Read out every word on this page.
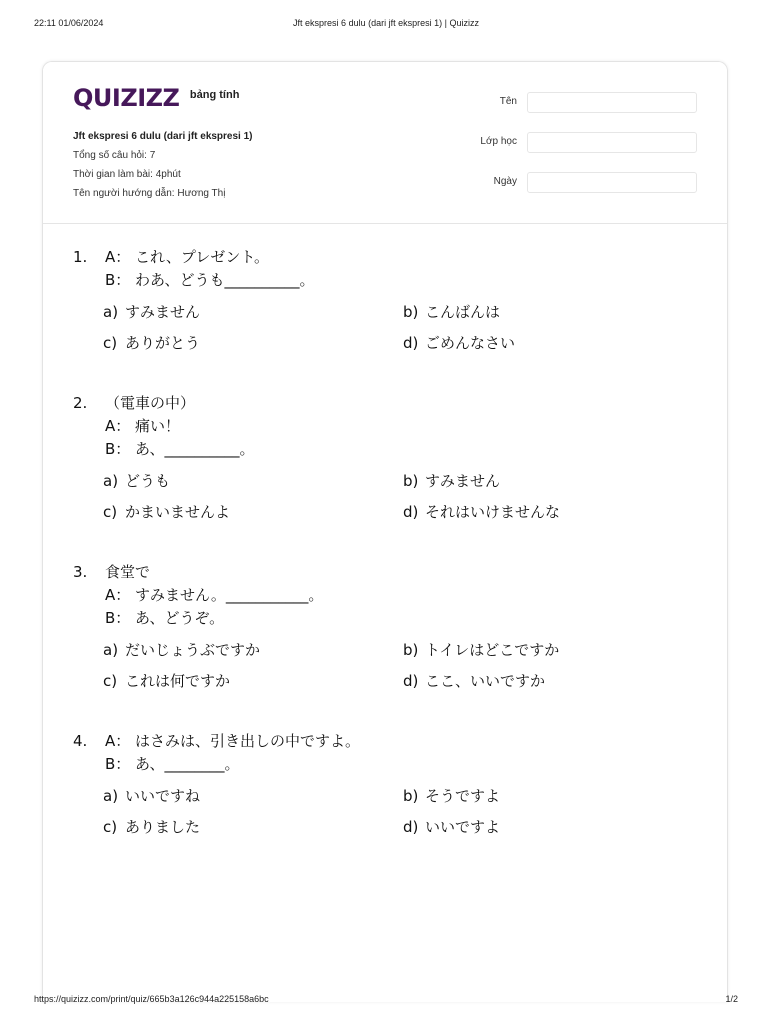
22:11 01/06/2024	Jft ekspresi 6 dulu (dari jft ekspresi 1) | Quizizz
QUIZIZZ bảng tính
Jft ekspresi 6 dulu (dari jft ekspresi 1)
Tổng số câu hỏi: 7
Thời gian làm bài: 4phút
Tên người hướng dẫn: Hương Thị
Tên
Lớp học
Ngày
1.	A： これ、プレゼント。
B： わあ、どうも__________。
a) すみません	b) こんばんは
c) ありがとう	d) ごめんなさい
2.	（電車の中）
A： 痛い！
B： あ、__________。
a) どうも	b) すみません
c) かまいませんよ	d) それはいけませんな
3.	食堂で
A： すみません。___________。
B： あ、どうぞ。
a) だいじょうぶですか	b) トイレはどこですか
c) これは何ですか	d) ここ、いいですか
4.	A： はさみは、引き出しの中ですよ。
B： あ、________。
a) いいですね	b) そうですよ
c) ありました	d) いいですよ
https://quizizz.com/print/quiz/665b3a126c944a225158a6bc	1/2
